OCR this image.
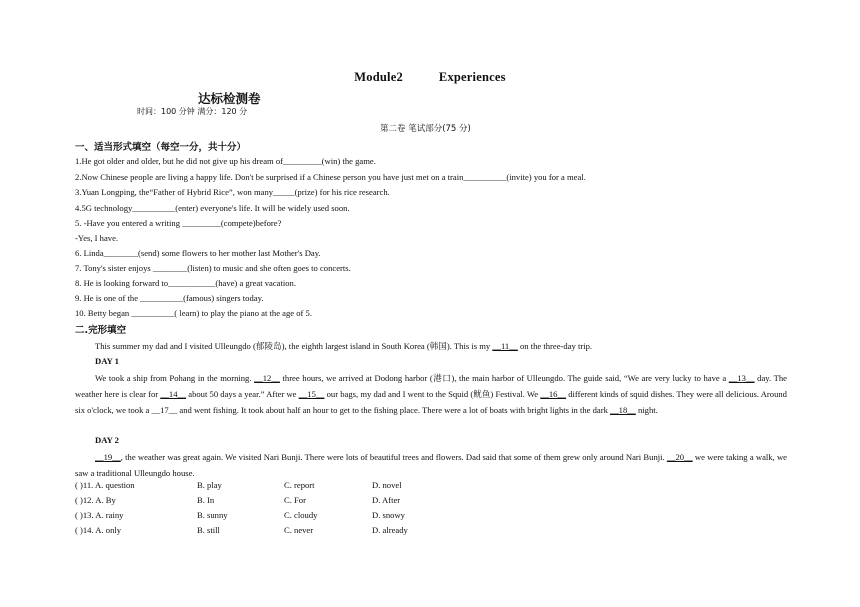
Module2	Experiences
达标检测卷
时间：100 分钟 满分：120 分
第二卷 笔试部分(75 分)
一、适当形式填空（每空一分，共十分）
1.He got older and older, but he did not give up his dream of_________(win) the game.
2.Now Chinese people are living a happy life. Don't be surprised if a Chinese person you have just met on a train__________(invite) you for a meal.
3.Yuan Longping, the“Father of Hybrid Rice”, won many_____(prize) for his rice research.
4.5G technology__________(enter) everyone's life. It will be widely used soon.
5. -Have you entered a writing _________(compete)before?
-Yes, I have.
6. Linda________(send) some flowers to her mother last Mother's Day.
7. Tony's sister enjoys ________(listen) to music and she often goes to concerts.
8. He is looking forward to___________(have) a great vacation.
9. He is one of the __________(famous) singers today.
10. Betty began __________( learn) to play the piano at the age of 5.
二.完形填空
This summer my dad and I visited Ulleungdo (郁陵岛), the eighth largest island in South Korea (韩国). This is my __11__ on the three-day trip.
DAY 1
We took a ship from Pohang in the morning. __12__ three hours, we arrived at Dodong harbor (港口), the main harbor of Ulleungdo. The guide said, “We are very lucky to have a __13__ day. The weather here is clear for __14__ about 50 days a year.” After we __15__ our bags, my dad and I went to the Squid (鱿鱼) Festival. We __16__ different kinds of squid dishes. They were all delicious. Around six o'clock, we took a __17__ and went fishing. It took about half an hour to get to the fishing place. There were a lot of boats with bright lights in the dark __18__ night.
DAY 2
__19__, the weather was great again. We visited Nari Bunji. There were lots of beautiful trees and flowers. Dad said that some of them grew only around Nari Bunji. __20__ we were taking a walk, we saw a traditional Ulleungdo house.
( )11. A. question	B. play	C. report	D. novel
( )12. A. By	B. In	C. For	D. After
( )13. A. rainy	B. sunny	C. cloudy	D. snowy
( )14. A. only	B. still	C. never	D. already
